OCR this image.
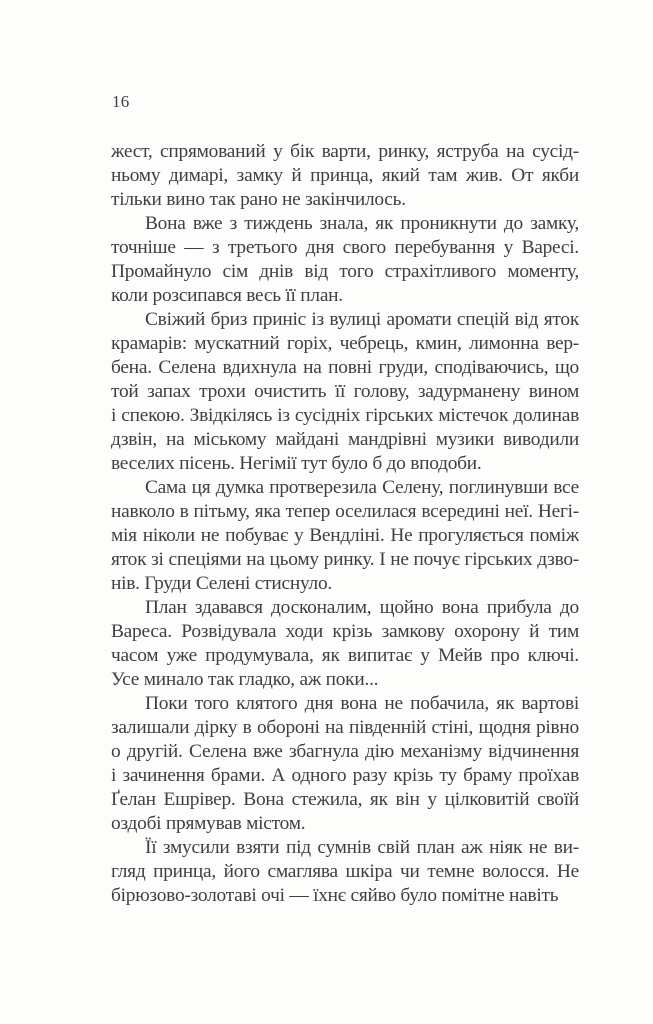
16
жест, спрямований у бік варти, ринку, яструба на сусід-
ньому димарі, замку й принца, який там жив. От якби
тільки вино так рано не закінчилось.
Вона вже з тиждень знала, як проникнути до замку,
точніше — з третього дня свого перебування у Варесі.
Промайнуло сім днів від того страхітливого моменту,
коли розсипався весь її план.
Свіжий бриз приніс із вулиці аромати спецій від яток
крамарів: мускатний горіх, чебрець, кмин, лимонна вер-
бена. Селена вдихнула на повні груди, сподіваючись, що
той запах трохи очистить її голову, задурманену вином
і спекою. Звідкілясь із сусідніх гірських містечок долинав
дзвін, на міському майдані мандрівні музики виводили
веселих пісень. Негімії тут було б до вподоби.
Сама ця думка протверезила Селену, поглинувши все
навколо в пітьму, яка тепер оселилася всередині неї. Негі-
мія ніколи не побуває у Вендліні. Не прогуляється поміж
яток зі спеціями на цьому ринку. І не почує гірських дзво-
нів. Груди Селені стиснуло.
План здавався досконалим, щойно вона прибула до
Вареса. Розвідувала ходи крізь замкову охорону й тим
часом уже продумувала, як випитає у Мейв про ключі.
Усе минало так гладко, аж поки...
Поки того клятого дня вона не побачила, як вартові
залишали дірку в обороні на південній стіні, щодня рівно
о другій. Селена вже збагнула дію механізму відчинення
і зачинення брами. А одного разу крізь ту браму проїхав
Ґелан Ешрівер. Вона стежила, як він у цілковитій своїй
оздобі прямував містом.
Її змусили взяти під сумнів свій план аж ніяк не ви-
гляд принца, його смаглява шкіра чи темне волосся. Не
бірюзово-золотаві очі — їхнє сяйво було помітне навіть
